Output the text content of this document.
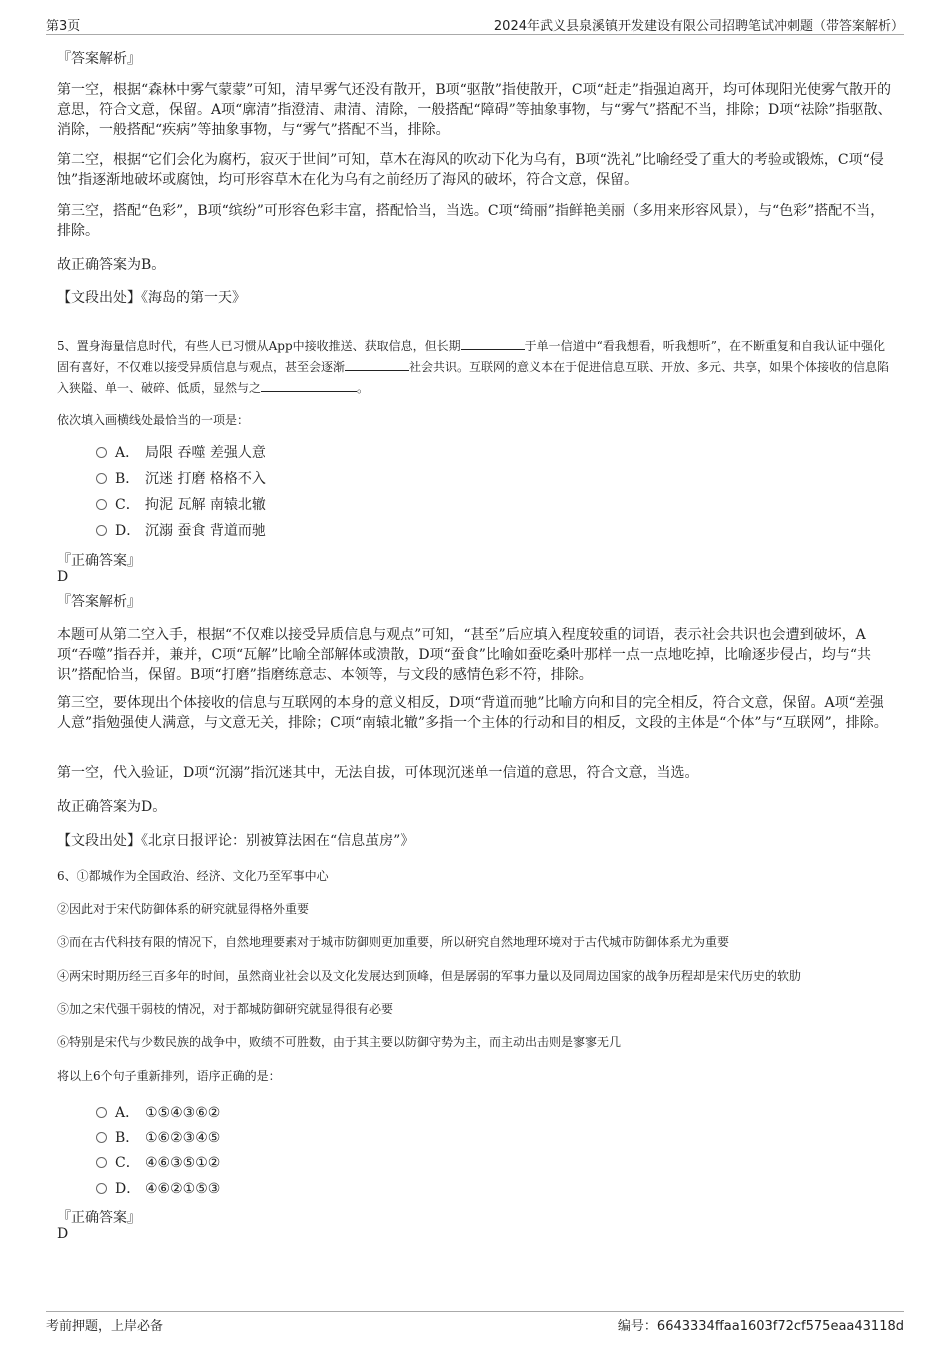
第3页	2024年武义县泉溪镇开发建设有限公司招聘笔试冲刺题（带答案解析）
『答案解析』
第一空，根据“森林中雾气蒙蒙”可知，清早雾气还没有散开，B项“驱散”指使散开，C项“赶走”指强迫离开，均可体现阳光使雾气散开的意思，符合文意，保留。A项“廓清”指澄清、肃清、清除，一般搭配“障碍”等抽象事物，与“雾气”搭配不当，排除；D项“祛除”指驱散、消除，一般搭配“疾病”等抽象事物，与“雾气”搭配不当，排除。
第二空，根据“它们会化为腐朽，寂灭于世间”可知，草木在海风的吹动下化为乌有，B项“洗礼”比喻经受了重大的考验或锻炼，C项“侵蚀”指逐渐地破坏或腐蚀，均可形容草木在化为乌有之前经历了海风的破坏，符合文意，保留。
第三空，搭配“色彩”，B项“缤纷”可形容色彩丰富，搭配恰当，当选。C项“绮丽”指鲜艳美丽（多用来形容风景），与“色彩”搭配不当，排除。
故正确答案为B。
【文段出处】《海岛的第一天》
5、置身海量信息时代，有些人已习惯从App中接收推送、获取信息，但长期	于单一信道中“看我想看，听我想听”，在不断重复和自我认证中强化固有喜好，不仅难以接受异质信息与观点，甚至会逐渐	社会共识。互联网的意义本在于促进信息互联、开放、多元、共享，如果个体接收的信息陷入狭隘、单一、破碎、低质，显然与之	。
依次填入画横线处最恰当的一项是：
A． 局限 吞噬 差强人意
B． 沉迷 打磨 格格不入
C． 拘泥 瓦解 南辕北辙
D． 沉溺 蚕食 背道而驰
『正确答案』
D
『答案解析』
本题可从第二空入手，根据“不仅难以接受异质信息与观点”可知，“甚至”后应填入程度较重的词语，表示社会共识也会遭到破坏，A项“吞噬”指吞并，兼并，C项“瓦解”比喻全部解体或溃散，D项“蚕食”比喻如蚕吃桑叶那样一点一点地吃掉，比喻逐步侵占，均与“共识”搭配恰当，保留。B项“打磨”指磨练意志、本领等，与文段的感情色彩不符，排除。
第三空，要体现出个体接收的信息与互联网的本身的意义相反，D项“背道而驰”比喻方向和目的完全相反，符合文意，保留。A项“差强人意”指勉强使人满意，与文意无关，排除；C项“南辕北辙”多指一个主体的行动和目的相反，文段的主体是“个体”与“互联网”，排除。
第一空，代入验证，D项“沉溺”指沉迷其中，无法自拔，可体现沉迷单一信道的意思，符合文意，当选。
故正确答案为D。
【文段出处】《北京日报评论：别被算法困在“信息茧房”》
6、①都城作为全国政治、经济、文化乃至军事中心
②因此对于宋代防御体系的研究就显得格外重要
③而在古代科技有限的情况下，自然地理要素对于城市防御则更加重要，所以研究自然地理环境对于古代城市防御体系尤为重要
④两宋时期历经三百多年的时间，虽然商业社会以及文化发展达到顶峰，但是孱弱的军事力量以及同周边国家的战争历程却是宋代历史的软肋
⑤加之宋代强干弱枝的情况，对于都城防御研究就显得很有必要
⑥特别是宋代与少数民族的战争中，败绩不可胜数，由于其主要以防御守势为主，而主动出击则是寥寥无几
将以上6个句子重新排列，语序正确的是：
A． ①⑤④③⑥②
B． ①⑥②③④⑤
C． ④⑥③⑤①②
D． ④⑥②①⑤③
『正确答案』
D
考前押题，上岸必备	编号：6643334ffaa1603f72cf575eaa43118d
